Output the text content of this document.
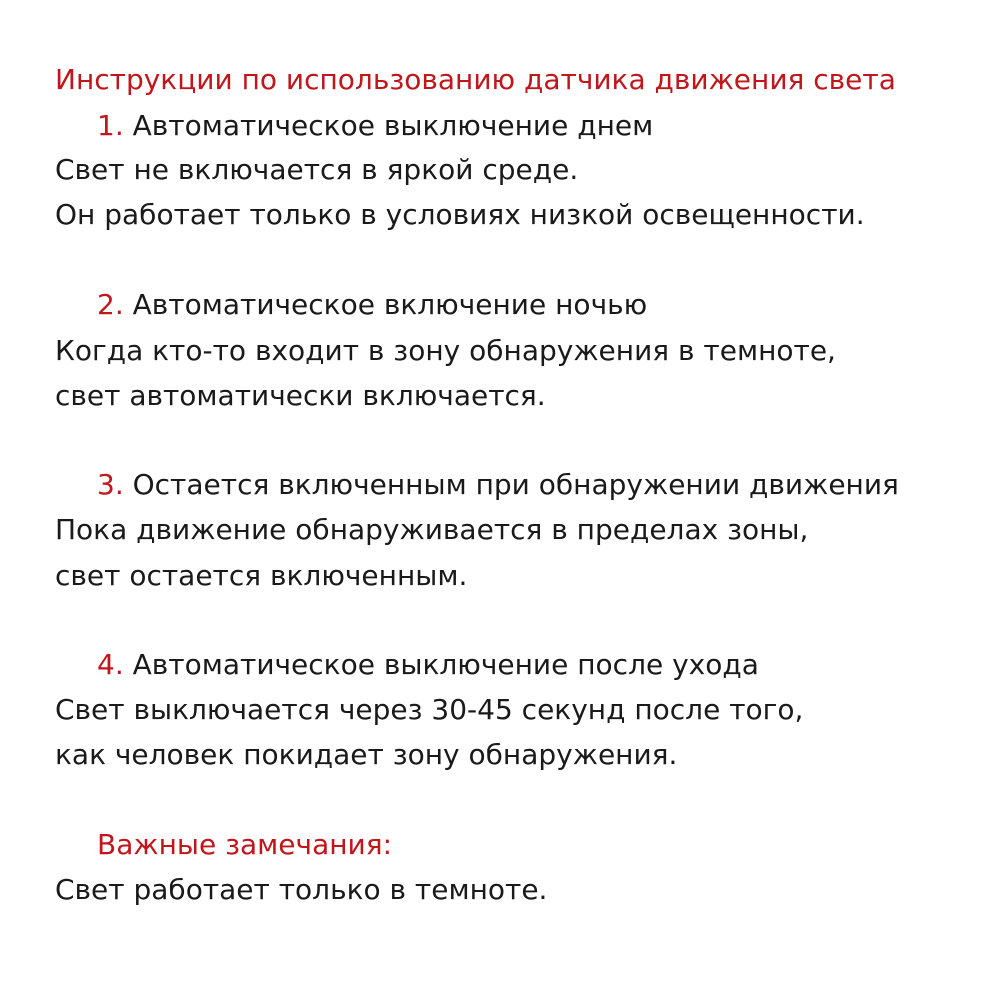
Инструкции по использованию датчика движения света
1. Автоматическое выключение днем
Свет не включается в яркой среде.
Он работает только в условиях низкой освещенности.
2. Автоматическое включение ночью
Когда кто-то входит в зону обнаружения в темноте,
свет автоматически включается.
3. Остается включенным при обнаружении движения
Пока движение обнаруживается в пределах зоны,
свет остается включенным.
4. Автоматическое выключение после ухода
Свет выключается через 30-45 секунд после того,
как человек покидает зону обнаружения.
Важные замечания:
Свет работает только в темноте.
